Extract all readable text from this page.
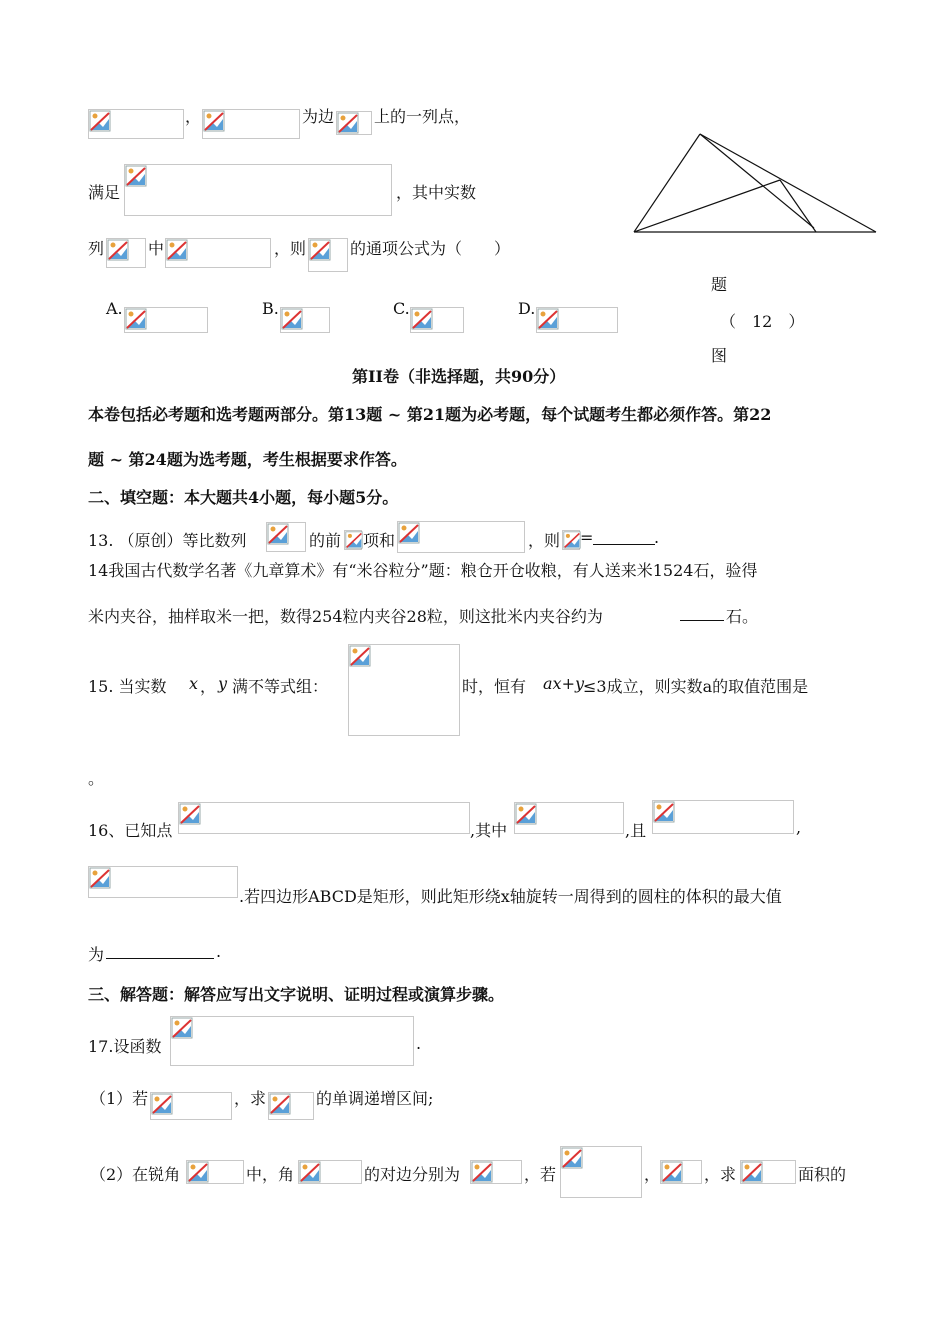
，	为边 上的一列点，
满足	，其中实数
列	中	，则	的通项公式为（　　）
A.	B.	C.	D.
题
（　12　）
图
第II卷（非选择题，共90分）
本卷包括必考题和选考题两部分。第13题 ~ 第21题为必考题，每个试题考生都必须作答。第22
题 ~ 第24题为选考题，考生根据要求作答。
二、填空题：本大题共4小题，每小题5分。
13. （原创）等比数列	的前 项和	，则 =	.
14我国古代数学名著《九章算术》有“米谷粒分”题：粮仓开仓收粮，有人送来米1524石，验得
米内夹谷，抽样取米一把，数得254粒内夹谷28粒，则这批米内夹谷约为	石。
15. 当实数 x ， y 满不等式组：	时，恒有 ax+y
≤3成立，则实数a的取值范围是
。
16、已知点	,其中	,且	,
.若四边形ABCD是矩形，则此矩形绕x轴旋转一周得到的圆柱的体积的最大值
为	.
三、解答题：解答应写出文字说明、证明过程或演算步骤。
17.设函数	.
（1）若	，求	的单调递增区间;
（2）在锐角	中，角	的对边分别为	，若	，	，求	面积的
